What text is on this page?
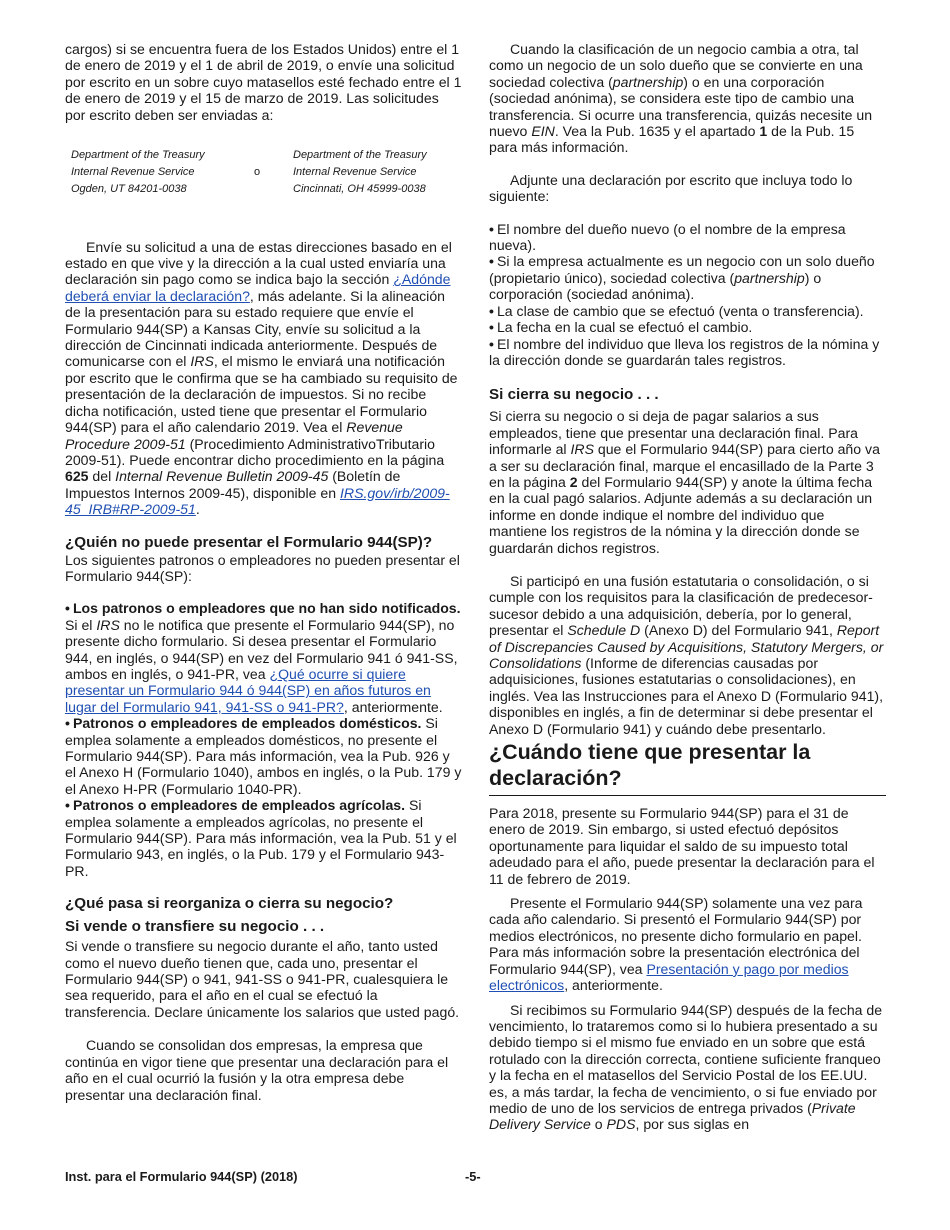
cargos) si se encuentra fuera de los Estados Unidos) entre el 1 de enero de 2019 y el 1 de abril de 2019, o envíe una solicitud por escrito en un sobre cuyo matasellos esté fechado entre el 1 de enero de 2019 y el 15 de marzo de 2019. Las solicitudes por escrito deben ser enviadas a:

Department of the Treasury
Internal Revenue Service
Ogden, UT 84201-0038
o
Department of the Treasury
Internal Revenue Service
Cincinnati, OH 45999-0038

Envíe su solicitud a una de estas direcciones basado en el estado en que vive y la dirección a la cual usted enviaría una declaración sin pago como se indica bajo la sección ¿Adónde deberá enviar la declaración?, más adelante. Si la alineación de la presentación para su estado requiere que envíe el Formulario 944(SP) a Kansas City, envíe su solicitud a la dirección de Cincinnati indicada anteriormente. Después de comunicarse con el IRS, el mismo le enviará una notificación por escrito que le confirma que se ha cambiado su requisito de presentación de la declaración de impuestos. Si no recibe dicha notificación, usted tiene que presentar el Formulario 944(SP) para el año calendario 2019. Vea el Revenue Procedure 2009-51 (Procedimiento AdministrativoTributario 2009-51). Puede encontrar dicho procedimiento en la página 625 del Internal Revenue Bulletin 2009-45 (Boletín de Impuestos Internos 2009-45), disponible en IRS.gov/irb/2009-45_IRB#RP-2009-51.

¿Quién no puede presentar el Formulario 944(SP)?

Los siguientes patronos o empleadores no pueden presentar el Formulario 944(SP):

• Los patronos o empleadores que no han sido notificados. Si el IRS no le notifica que presente el Formulario 944(SP), no presente dicho formulario. Si desea presentar el Formulario 944, en inglés, o 944(SP) en vez del Formulario 941 ó 941-SS, ambos en inglés, o 941-PR, vea ¿Qué ocurre si quiere presentar un Formulario 944 ó 944(SP) en años futuros en lugar del Formulario 941, 941-SS o 941-PR?, anteriormente.

• Patronos o empleadores de empleados domésticos. Si emplea solamente a empleados domésticos, no presente el Formulario 944(SP). Para más información, vea la Pub. 926 y el Anexo H (Formulario 1040), ambos en inglés, o la Pub. 179 y el Anexo H-PR (Formulario 1040-PR).

• Patronos o empleadores de empleados agrícolas. Si emplea solamente a empleados agrícolas, no presente el Formulario 944(SP). Para más información, vea la Pub. 51 y el Formulario 943, en inglés, o la Pub. 179 y el Formulario 943-PR.

¿Qué pasa si reorganiza o cierra su negocio?

Si vende o transfiere su negocio . . .

Si vende o transfiere su negocio durante el año, tanto usted como el nuevo dueño tienen que, cada uno, presentar el Formulario 944(SP) o 941, 941-SS o 941-PR, cualesquiera le sea requerido, para el año en el cual se efectuó la transferencia. Declare únicamente los salarios que usted pagó.

Cuando se consolidan dos empresas, la empresa que continúa en vigor tiene que presentar una declaración para el año en el cual ocurrió la fusión y la otra empresa debe presentar una declaración final.

Cuando la clasificación de un negocio cambia a otra, tal como un negocio de un solo dueño que se convierte en una sociedad colectiva (partnership) o en una corporación (sociedad anónima), se considera este tipo de cambio una transferencia. Si ocurre una transferencia, quizás necesite un nuevo EIN. Vea la Pub. 1635 y el apartado 1 de la Pub. 15 para más información.

Adjunte una declaración por escrito que incluya todo lo siguiente:

• El nombre del dueño nuevo (o el nombre de la empresa nueva).

• Si la empresa actualmente es un negocio con un solo dueño (propietario único), sociedad colectiva (partnership) o corporación (sociedad anónima).

• La clase de cambio que se efectuó (venta o transferencia).

• La fecha en la cual se efectuó el cambio.

• El nombre del individuo que lleva los registros de la nómina y la dirección donde se guardarán tales registros.

Si cierra su negocio . . .

Si cierra su negocio o si deja de pagar salarios a sus empleados, tiene que presentar una declaración final. Para informarle al IRS que el Formulario 944(SP) para cierto año va a ser su declaración final, marque el encasillado de la Parte 3 en la página 2 del Formulario 944(SP) y anote la última fecha en la cual pagó salarios. Adjunte además a su declaración un informe en donde indique el nombre del individuo que mantiene los registros de la nómina y la dirección donde se guardarán dichos registros.

Si participó en una fusión estatutaria o consolidación, o si cumple con los requisitos para la clasificación de predecesor-sucesor debido a una adquisición, debería, por lo general, presentar el Schedule D (Anexo D) del Formulario 941, Report of Discrepancies Caused by Acquisitions, Statutory Mergers, or Consolidations (Informe de diferencias causadas por adquisiciones, fusiones estatutarias o consolidaciones), en inglés. Vea las Instrucciones para el Anexo D (Formulario 941), disponibles en inglés, a fin de determinar si debe presentar el Anexo D (Formulario 941) y cuándo debe presentarlo.

¿Cuándo tiene que presentar la declaración?

Para 2018, presente su Formulario 944(SP) para el 31 de enero de 2019. Sin embargo, si usted efectuó depósitos oportunamente para liquidar el saldo de su impuesto total adeudado para el año, puede presentar la declaración para el 11 de febrero de 2019.

Presente el Formulario 944(SP) solamente una vez para cada año calendario. Si presentó el Formulario 944(SP) por medios electrónicos, no presente dicho formulario en papel. Para más información sobre la presentación electrónica del Formulario 944(SP), vea Presentación y pago por medios electrónicos, anteriormente.

Si recibimos su Formulario 944(SP) después de la fecha de vencimiento, lo trataremos como si lo hubiera presentado a su debido tiempo si el mismo fue enviado en un sobre que está rotulado con la dirección correcta, contiene suficiente franqueo y la fecha en el matasellos del Servicio Postal de los EE.UU. es, a más tardar, la fecha de vencimiento, o si fue enviado por medio de uno de los servicios de entrega privados (Private Delivery Service o PDS, por sus siglas en

Inst. para el Formulario 944(SP) (2018)	-5-
